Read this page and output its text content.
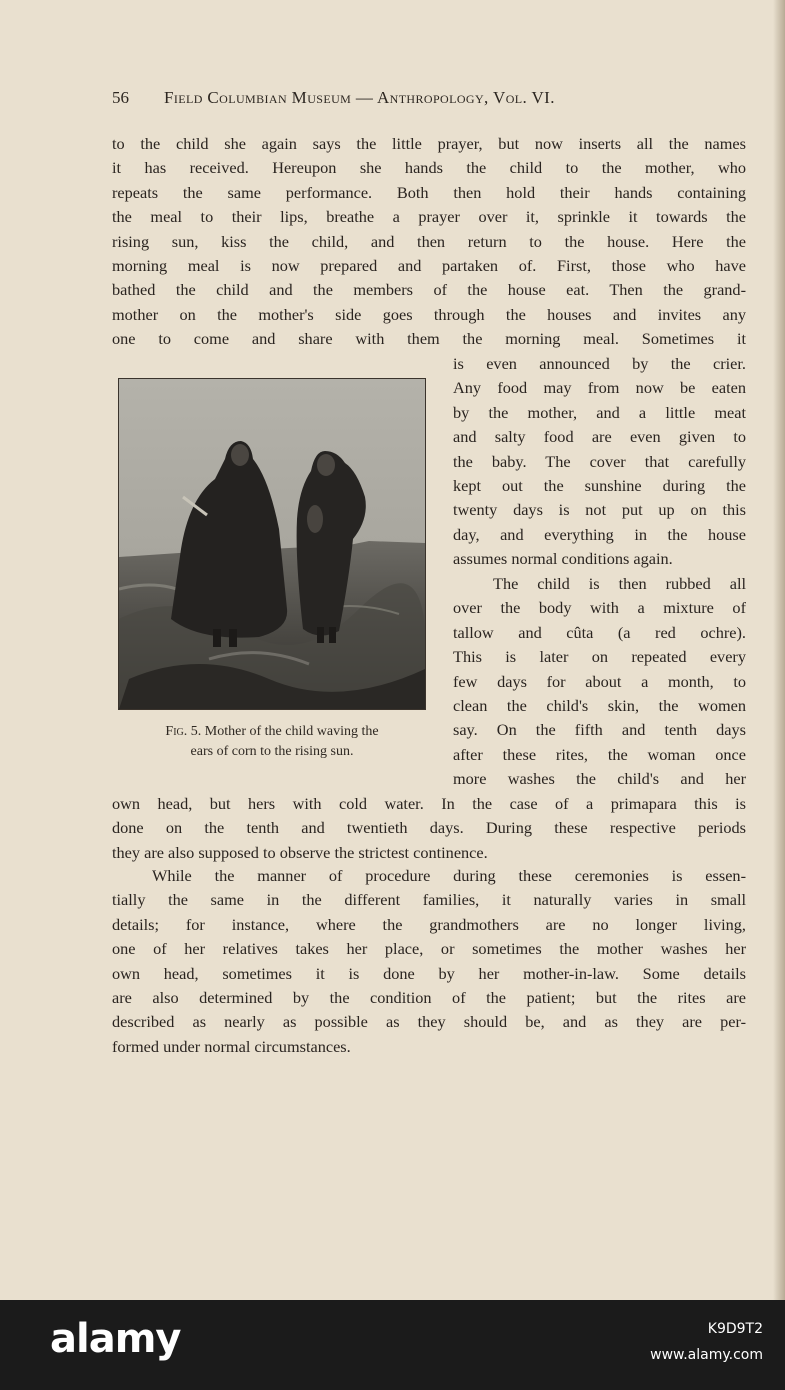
56 Field Columbian Museum — Anthropology, Vol. VI.
to the child she again says the little prayer, but now inserts all the names
it has received. Hereupon she hands the child to the mother, who
repeats the same performance. Both then hold their hands containing
the meal to their lips, breathe a prayer over it, sprinkle it towards the
rising sun, kiss the child, and then return to the house. Here the
morning meal is now prepared and partaken of. First, those who have
bathed the child and the members of the house eat. Then the grand-
mother on the mother's side goes through the houses and invites any
one to come and share with them the morning meal. Sometimes it
is even announced by the crier.
Any food may from now be eaten
by the mother, and a little meat
and salty food are even given to
the baby. The cover that carefully
kept out the sunshine during the
twenty days is not put up on this
day, and everything in the house
assumes normal conditions again.
Fig. 5. Mother of the child waving the
ears of corn to the rising sun.
The child is then rubbed all
over the body with a mixture of
tallow and cûta (a red ochre).
This is later on repeated every
few days for about a month, to
clean the child's skin, the women
say. On the fifth and tenth days
after these rites, the woman once
more washes the child's and her
own head, but hers with cold water. In the case of a primapara this is
done on the tenth and twentieth days. During these respective periods
they are also supposed to observe the strictest continence.
While the manner of procedure during these ceremonies is essen-
tially the same in the different families, it naturally varies in small
details; for instance, where the grandmothers are no longer living,
one of her relatives takes her place, or sometimes the mother washes her
own head, sometimes it is done by her mother-in-law. Some details
are also determined by the condition of the patient; but the rites are
described as nearly as possible as they should be, and as they are per-
formed under normal circumstances.
alamy	K9D9T2
www.alamy.com
